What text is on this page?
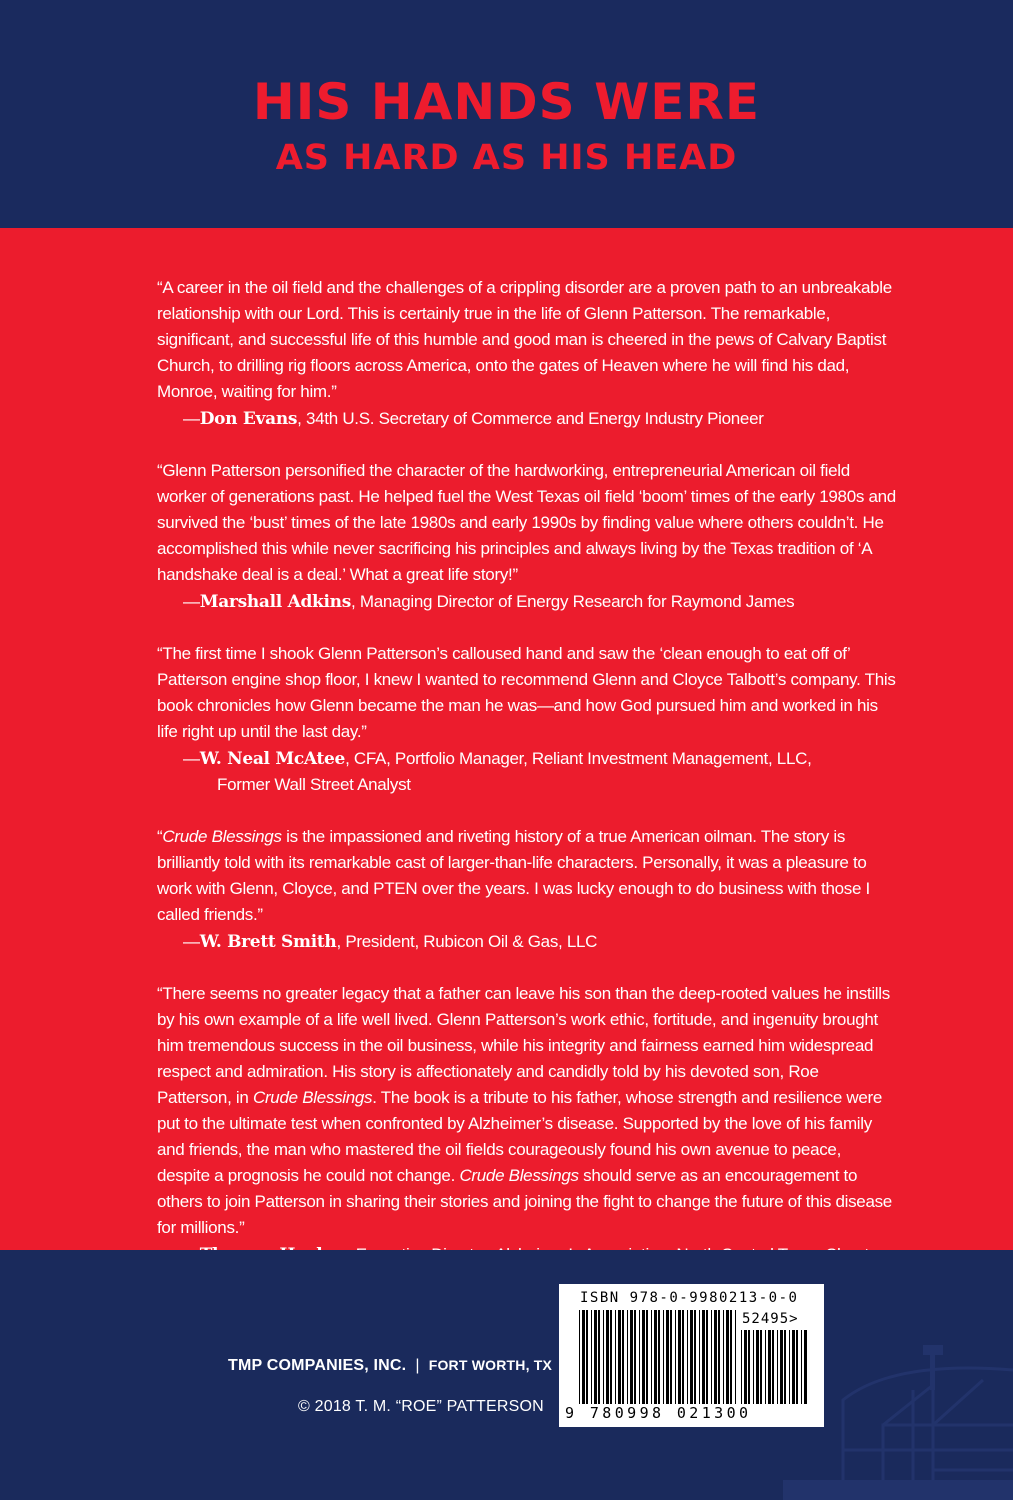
HIS HANDS WERE
AS HARD AS HIS HEAD

“A career in the oil field and the challenges of a crippling disorder are a proven path to an unbreakable relationship with our Lord. This is certainly true in the life of Glenn Patterson. The remarkable, significant, and successful life of this humble and good man is cheered in the pews of Calvary Baptist Church, to drilling rig floors across America, onto the gates of Heaven where he will find his dad, Monroe, waiting for him.”

—Don Evans, 34th U.S. Secretary of Commerce and Energy Industry Pioneer

“Glenn Patterson personified the character of the hardworking, entrepreneurial American oil field worker of generations past. He helped fuel the West Texas oil field ‘boom’ times of the early 1980s and survived the ‘bust’ times of the late 1980s and early 1990s by finding value where others couldn’t. He accomplished this while never sacrificing his principles and always living by the Texas tradition of ‘A handshake deal is a deal.’ What a great life story!”

—Marshall Adkins, Managing Director of Energy Research for Raymond James

“The first time I shook Glenn Patterson’s calloused hand and saw the ‘clean enough to eat off of’ Patterson engine shop floor, I knew I wanted to recommend Glenn and Cloyce Talbott’s company. This book chronicles how Glenn became the man he was—and how God pursued him and worked in his life right up until the last day.”

—W. Neal McAtee, CFA, Portfolio Manager, Reliant Investment Management, LLC,
Former Wall Street Analyst

“Crude Blessings is the impassioned and riveting history of a true American oilman. The story is brilliantly told with its remarkable cast of larger-than-life characters. Personally, it was a pleasure to work with Glenn, Cloyce, and PTEN over the years. I was lucky enough to do business with those I called friends.”

—W. Brett Smith, President, Rubicon Oil & Gas, LLC

“There seems no greater legacy that a father can leave his son than the deep-rooted values he instills by his own example of a life well lived. Glenn Patterson’s work ethic, fortitude, and ingenuity brought him tremendous success in the oil business, while his integrity and fairness earned him widespread respect and admiration. His story is affectionately and candidly told by his devoted son, Roe Patterson, in Crude Blessings. The book is a tribute to his father, whose strength and resilience were put to the ultimate test when confronted by Alzheimer’s disease. Supported by the love of his family and friends, the man who mastered the oil fields courageously found his own avenue to peace, despite a prognosis he could not change. Crude Blessings should serve as an encouragement to others to join Patterson in sharing their stories and joining the fight to change the future of this disease for millions.”

TMP COMPANIES, INC. | FORT WORTH, TX
© 2018 T. M. “ROE” PATTERSON
ISBN 978-0-9980213-0-0
52495>
9 780998 021300
